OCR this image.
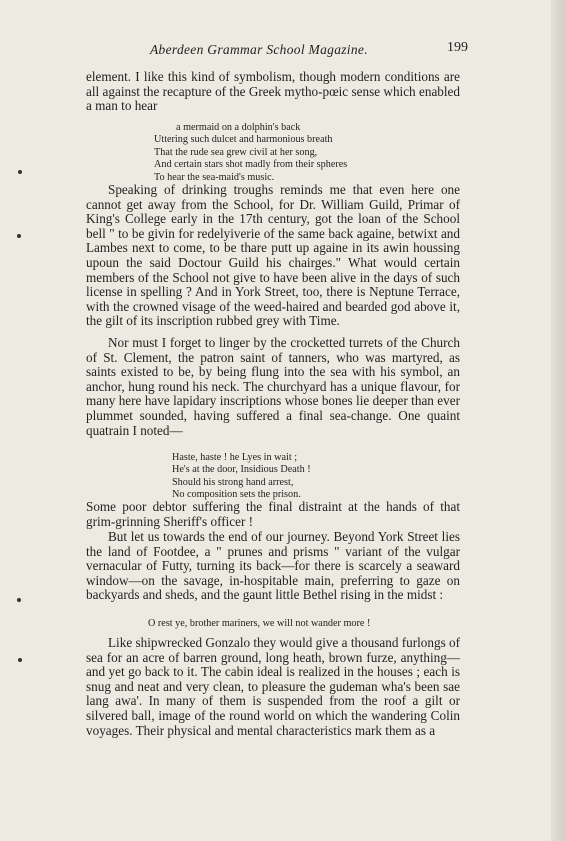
Aberdeen Grammar School Magazine.	199

element. I like this kind of symbolism, though modern conditions are all against the recapture of the Greek mytho-pœic sense which enabled a man to hear

a mermaid on a dolphin's back
Uttering such dulcet and harmonious breath
That the rude sea grew civil at her song,
And certain stars shot madly from their spheres
To hear the sea-maid's music.

Speaking of drinking troughs reminds me that even here one cannot get away from the School, for Dr. William Guild, Primar of King's College early in the 17th century, got the loan of the School bell " to be givin for redelyiverie of the same back againe, betwixt and Lambes next to come, to be thare putt up againe in its awin houssing upoun the said Doctour Guild his chairges." What would certain members of the School not give to have been alive in the days of such license in spelling ? And in York Street, too, there is Neptune Terrace, with the crowned visage of the weed-haired and bearded god above it, the gilt of its inscription rubbed grey with Time.

Nor must I forget to linger by the crocketted turrets of the Church of St. Clement, the patron saint of tanners, who was martyred, as saints existed to be, by being flung into the sea with his symbol, an anchor, hung round his neck. The churchyard has a unique flavour, for many here have lapidary inscriptions whose bones lie deeper than ever plummet sounded, having suffered a final sea-change. One quaint quatrain I noted—

Haste, haste ! he Lyes in wait ;
He's at the door, Insidious Death !
Should his strong hand arrest,
No composition sets the prison.

Some poor debtor suffering the final distraint at the hands of that grim-grinning Sheriff's officer !

But let us towards the end of our journey. Beyond York Street lies the land of Footdee, a " prunes and prisms " variant of the vulgar vernacular of Futty, turning its back—for there is scarcely a seaward window—on the savage, in-hospitable main, preferring to gaze on backyards and sheds, and the gaunt little Bethel rising in the midst :

O rest ye, brother mariners, we will not wander more !

Like shipwrecked Gonzalo they would give a thousand furlongs of sea for an acre of barren ground, long heath, brown furze, anything—and yet go back to it. The cabin ideal is realized in the houses ; each is snug and neat and very clean, to pleasure the gudeman wha's been sae lang awa'. In many of them is suspended from the roof a gilt or silvered ball, image of the round world on which the wandering Colin voyages. Their physical and mental characteristics mark them as a
